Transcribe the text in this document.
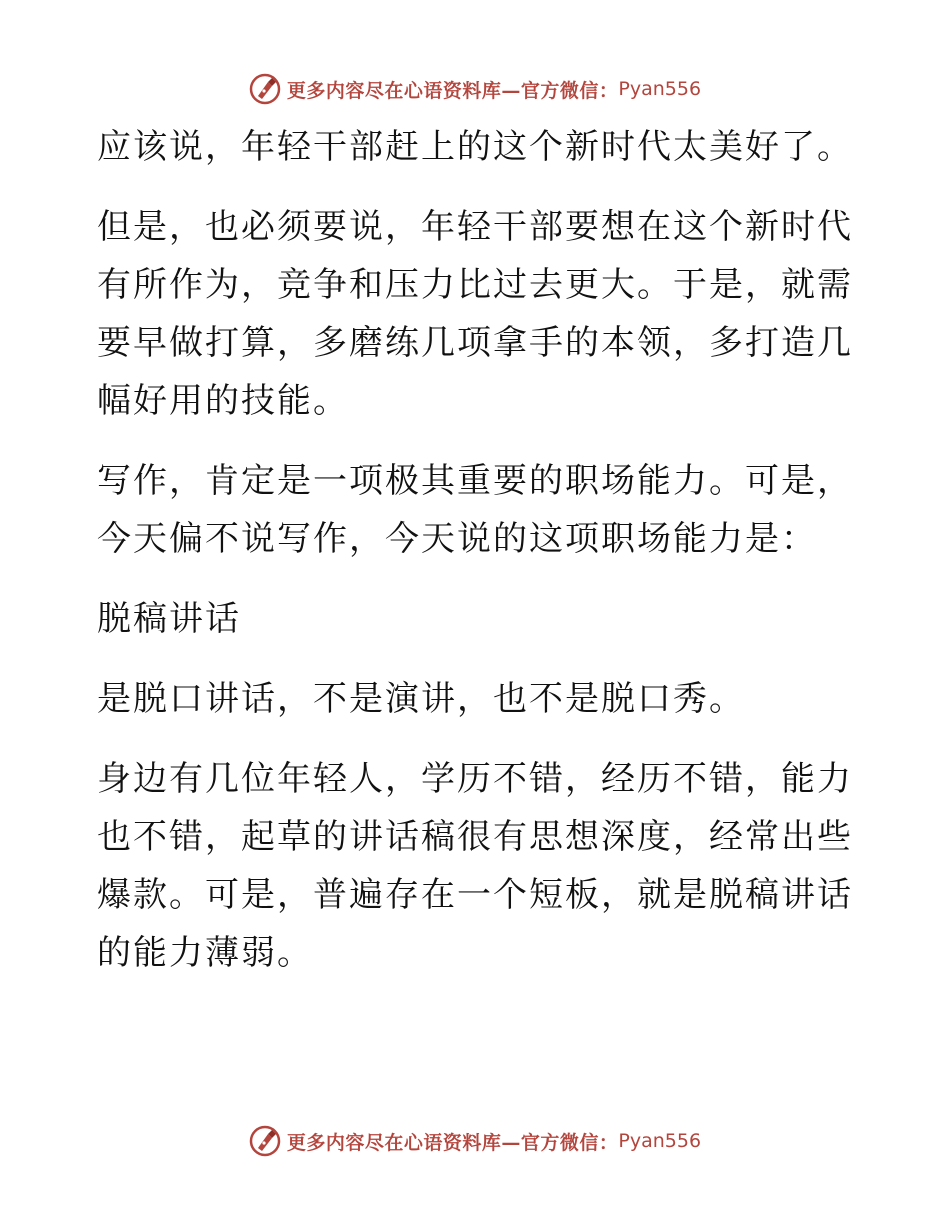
更多内容尽在心语资料库—官方微信： Pyan556

应该说，年轻干部赶上的这个新时代太美好了。

但是，也必须要说，年轻干部要想在这个新时代有所作为，竞争和压力比过去更大。于是，就需要早做打算，多磨练几项拿手的本领，多打造几幅好用的技能。

写作，肯定是一项极其重要的职场能力。可是，今天偏不说写作，今天说的这项职场能力是：

脱稿讲话

是脱口讲话，不是演讲，也不是脱口秀。

身边有几位年轻人，学历不错，经历不错，能力也不错，起草的讲话稿很有思想深度，经常出些爆款。可是，普遍存在一个短板，就是脱稿讲话的能力薄弱。

更多内容尽在心语资料库—官方微信： Pyan556
